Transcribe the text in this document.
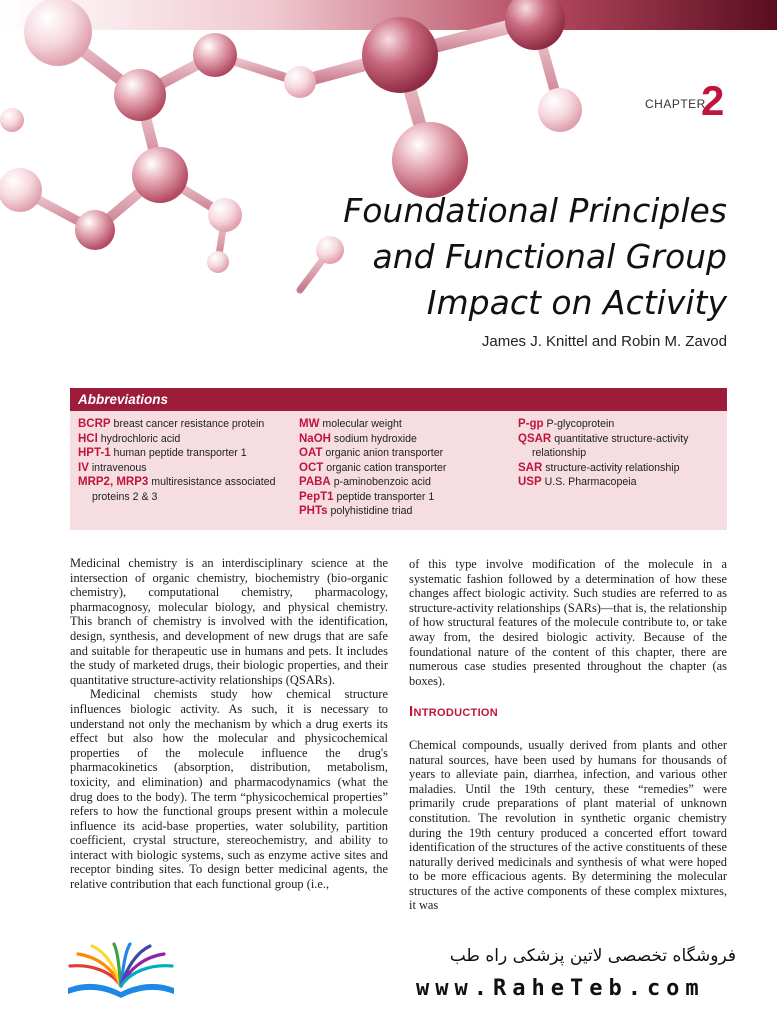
CHAPTER

2

Foundational Principles
and Functional Group
Impact on Activity

James J. Knittel and Robin M. Zavod

Abbreviations
BCRP breast cancer resistance protein
HCl hydrochloric acid
HPT-1 human peptide transporter 1
IV intravenous
MRP2, MRP3 multiresistance associated proteins 2 & 3
MW molecular weight
NaOH sodium hydroxide
OAT organic anion transporter
OCT organic cation transporter
PABA p-aminobenzoic acid
PepT1 peptide transporter 1
PHTs polyhistidine triad
P-gp P-glycoprotein
QSAR quantitative structure-activity relationship
SAR structure-activity relationship
USP U.S. Pharmacopeia

Medicinal chemistry is an interdisciplinary science at the intersection of organic chemistry, biochemistry (bio-organic chemistry), computational chemistry, pharmacology, pharmacognosy, molecular biology, and physical chemistry. This branch of chemistry is involved with the identification, design, synthesis, and development of new drugs that are safe and suitable for therapeutic use in humans and pets. It includes the study of marketed drugs, their biologic properties, and their quantitative structure-activity relationships (QSARs).

Medicinal chemists study how chemical structure influences biologic activity. As such, it is necessary to understand not only the mechanism by which a drug exerts its effect but also how the molecular and physicochemical properties of the molecule influence the drug's pharmacokinetics (absorption, distribution, metabolism, toxicity, and elimination) and pharmacodynamics (what the drug does to the body). The term “physicochemical properties” refers to how the functional groups present within a molecule influence its acid-base properties, water solubility, partition coefficient, crystal structure, stereochemistry, and ability to interact with biologic systems, such as enzyme active sites and receptor binding sites. To design better medicinal agents, the relative contribution that each functional group (i.e.,

of this type involve modification of the molecule in a systematic fashion followed by a determination of how these changes affect biologic activity. Such studies are referred to as structure-activity relationships (SARs)—that is, the relationship of how structural features of the molecule contribute to, or take away from, the desired biologic activity. Because of the foundational nature of the content of this chapter, there are numerous case studies presented throughout the chapter (as boxes).

Introduction

Chemical compounds, usually derived from plants and other natural sources, have been used by humans for thousands of years to alleviate pain, diarrhea, infection, and various other maladies. Until the 19th century, these “remedies” were primarily crude preparations of plant material of unknown constitution. The revolution in synthetic organic chemistry during the 19th century produced a concerted effort toward identification of the structures of the active constituents of these naturally derived medicinals and synthesis of what were hoped to be more efficacious agents. By determining the molecular structures of the active components of these complex mixtures, it was

فروشگاه تخصصی لاتین پزشکی راه طب

www.RaheTeb.com
